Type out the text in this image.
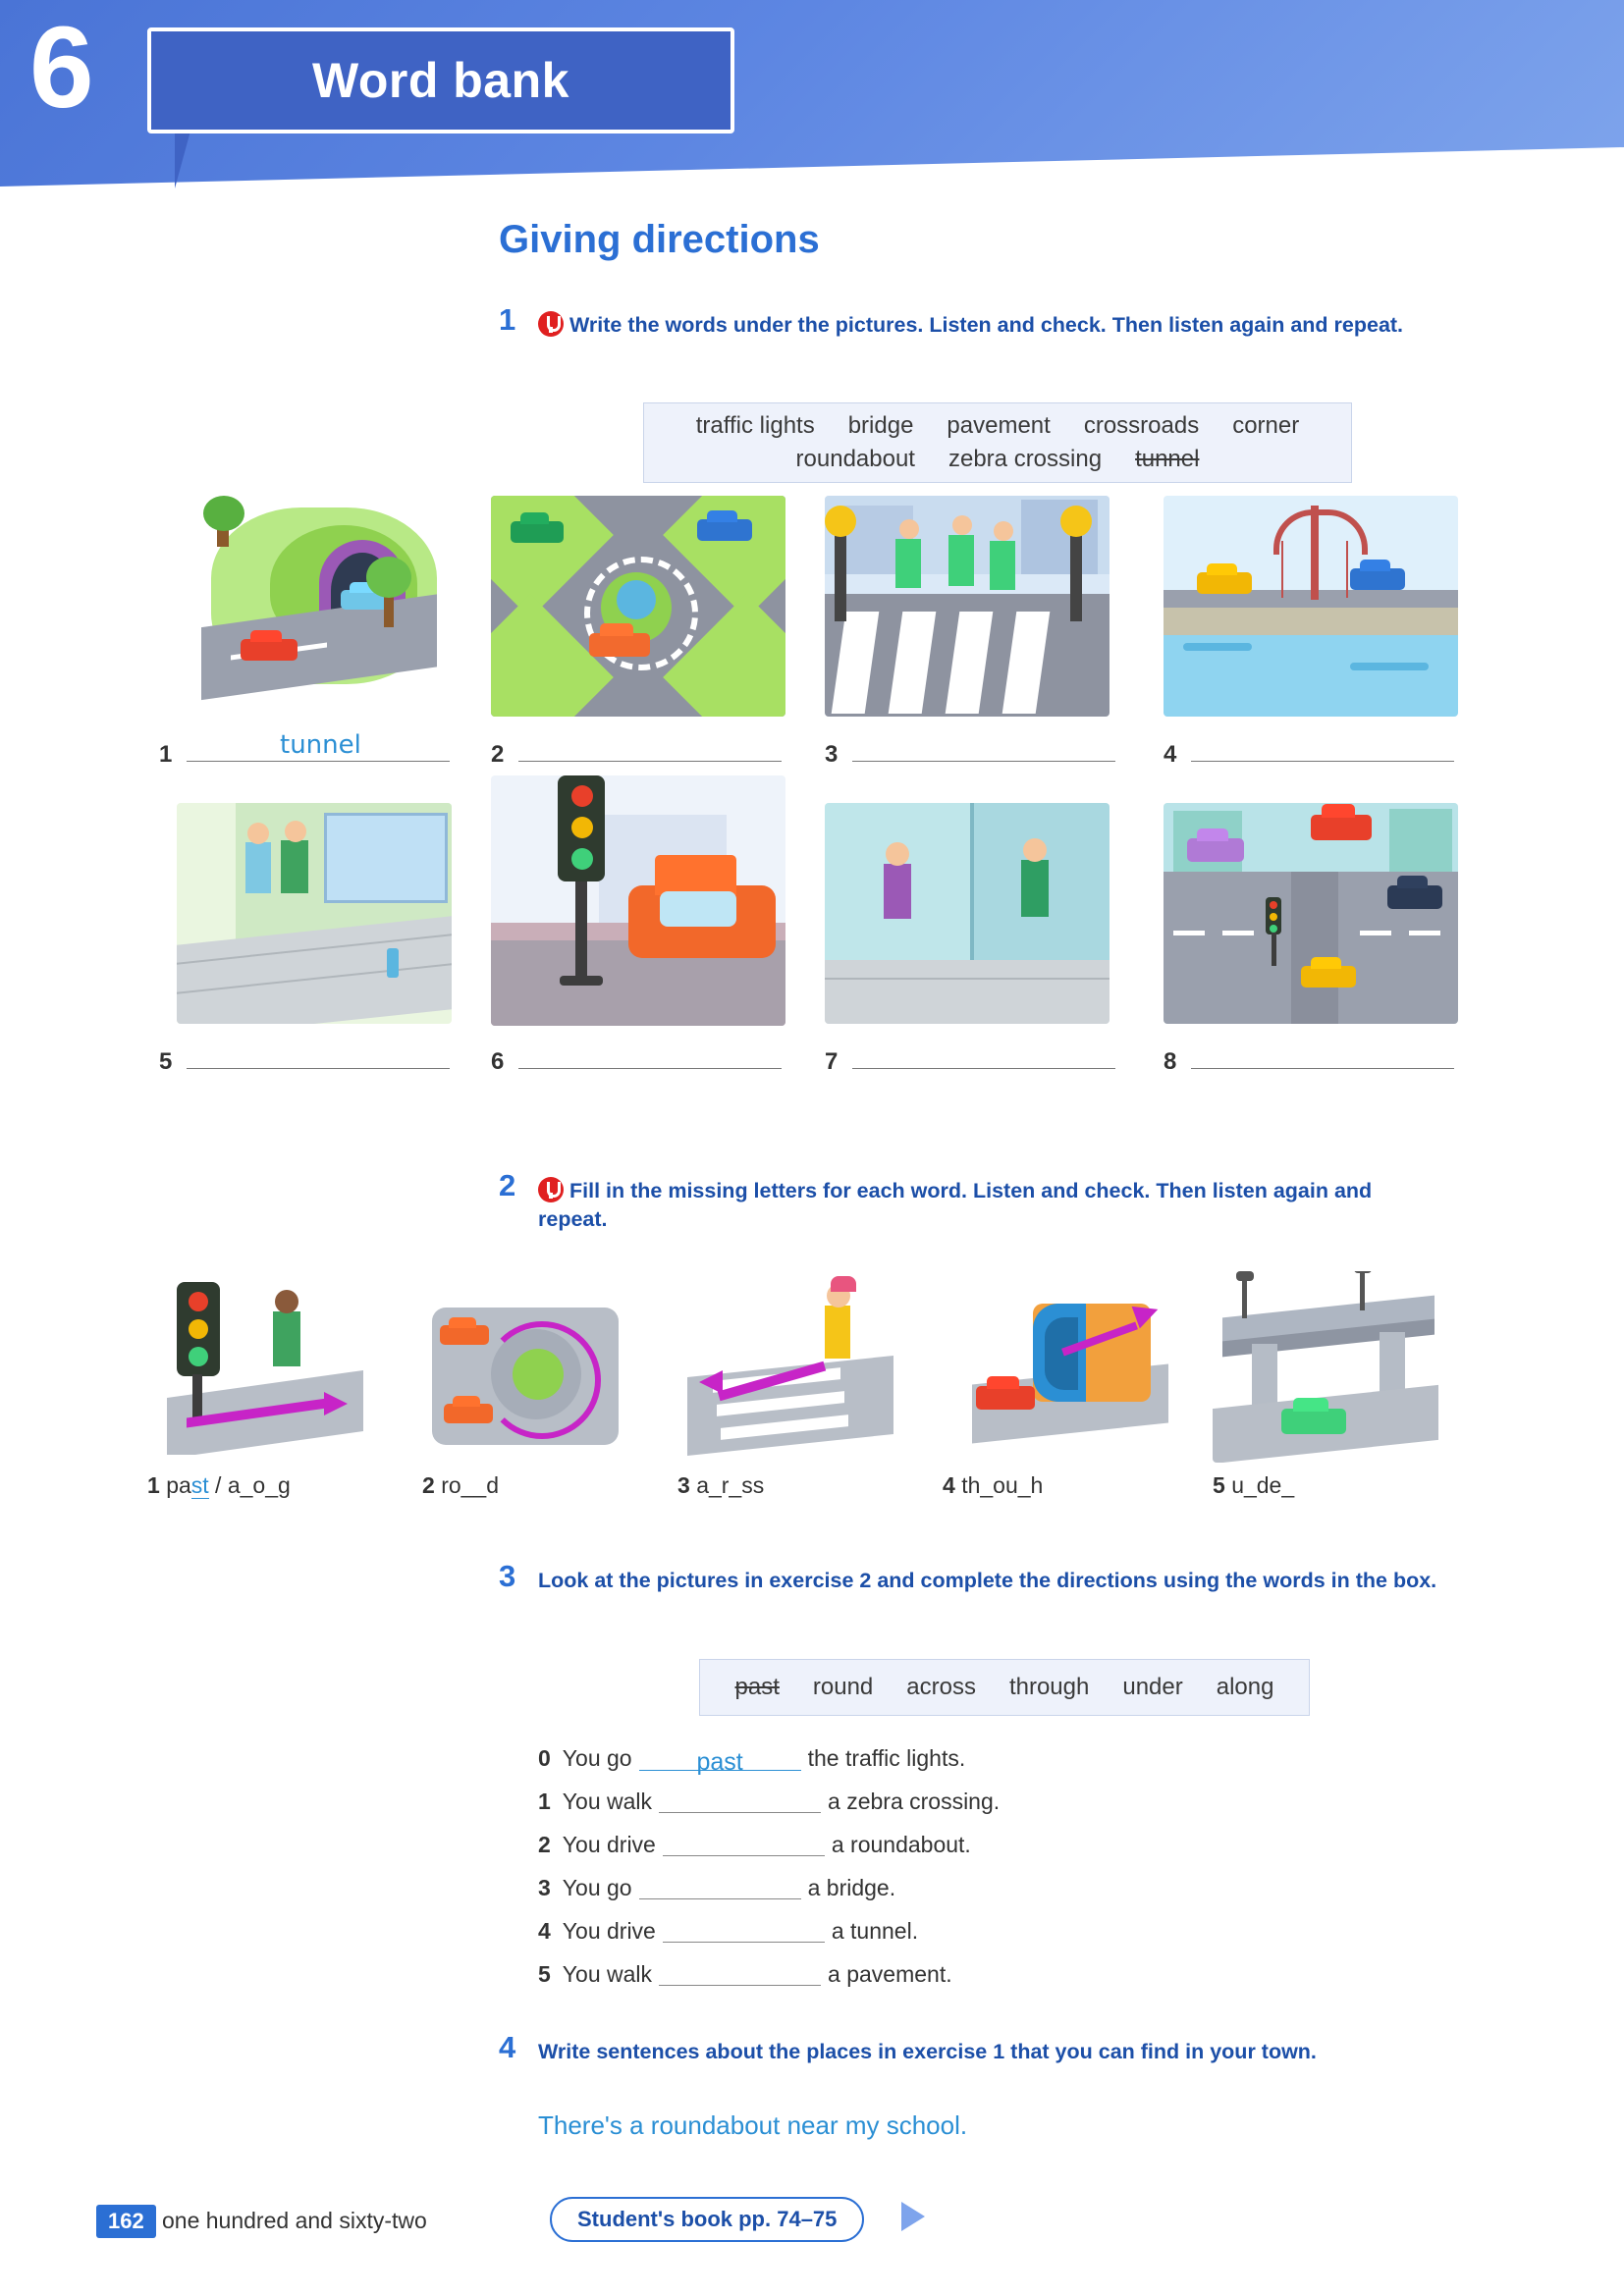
6	Word bank
Giving directions
1	Write the words under the pictures. Listen and check. Then listen again and repeat.
traffic lights bridge pavement crossroads corner
roundabout zebra crossing tunnel
1	tunnel	2	3	4
5	6	7	8
2	Fill in the missing letters for each word. Listen and check. Then listen again and repeat.
1 past / a_o_g	2 ro__d	3 a_r_ss	4 th_ou_h	5 u_de_
3 Look at the pictures in exercise 2 and complete the directions using the words in the box.
past round across through under along
0 You go	past	the traffic lights.
1 You walk	a zebra crossing.
2 You drive	a roundabout.
3 You go	a bridge.
4 You drive	a tunnel.
5 You walk	a pavement.
4 Write sentences about the places in exercise 1 that you can find in your town.
There's a roundabout near my school.
162 one hundred and sixty-two	Student's book pp. 74–75
